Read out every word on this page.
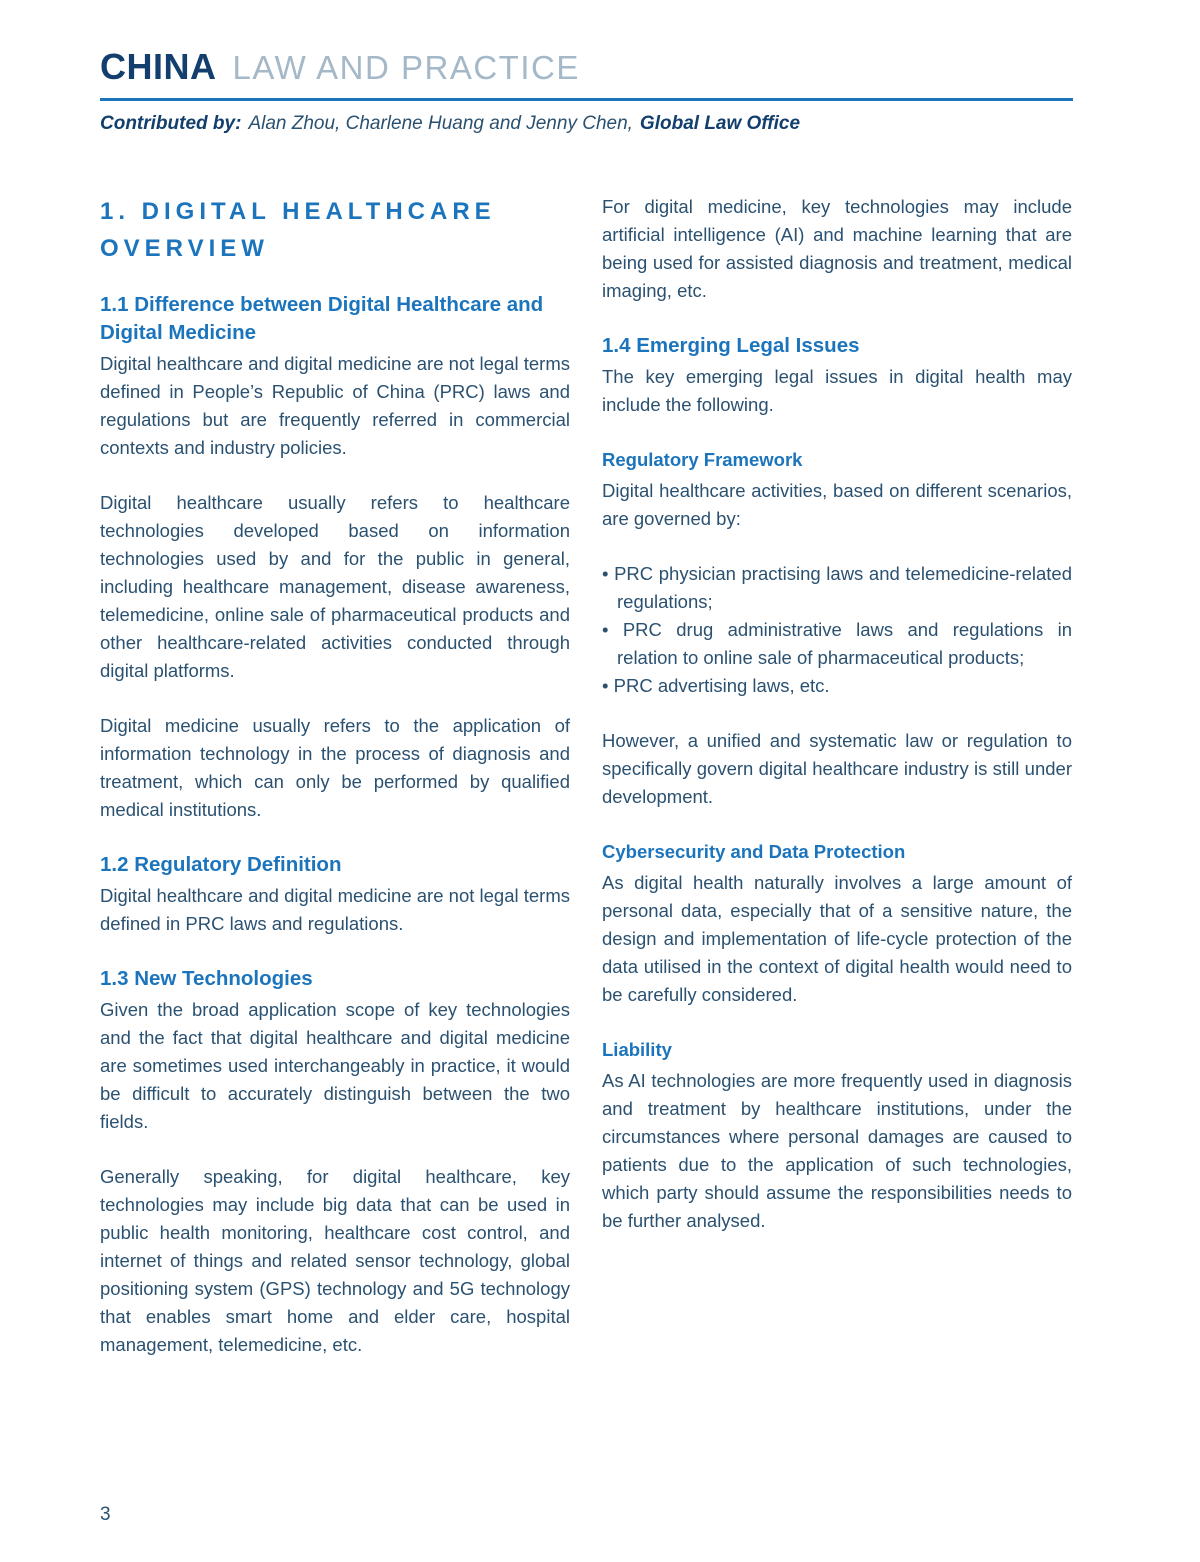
CHINA LAW AND PRACTICE
Contributed by: Alan Zhou, Charlene Huang and Jenny Chen, Global Law Office
1. DIGITAL HEALTHCARE OVERVIEW
1.1 Difference between Digital Healthcare and Digital Medicine

Digital healthcare and digital medicine are not legal terms defined in People’s Republic of China (PRC) laws and regulations but are frequently referred in commercial contexts and industry policies.

Digital healthcare usually refers to healthcare technologies developed based on information technologies used by and for the public in general, including healthcare management, disease awareness, telemedicine, online sale of pharmaceutical products and other healthcare-related activities conducted through digital platforms.

Digital medicine usually refers to the application of information technology in the process of diagnosis and treatment, which can only be performed by qualified medical institutions.

1.2 Regulatory Definition

Digital healthcare and digital medicine are not legal terms defined in PRC laws and regulations.

1.3 New Technologies

Given the broad application scope of key technologies and the fact that digital healthcare and digital medicine are sometimes used interchangeably in practice, it would be difficult to accurately distinguish between the two fields.

Generally speaking, for digital healthcare, key technologies may include big data that can be used in public health monitoring, healthcare cost control, and internet of things and related sensor technology, global positioning system (GPS) technology and 5G technology that enables smart home and elder care, hospital management, telemedicine, etc.

For digital medicine, key technologies may include artificial intelligence (AI) and machine learning that are being used for assisted diagnosis and treatment, medical imaging, etc.

1.4 Emerging Legal Issues

The key emerging legal issues in digital health may include the following.

Regulatory Framework

Digital healthcare activities, based on different scenarios, are governed by:

• PRC physician practising laws and telemedicine-related regulations;
• PRC drug administrative laws and regulations in relation to online sale of pharmaceutical products;
• PRC advertising laws, etc.

However, a unified and systematic law or regulation to specifically govern digital healthcare industry is still under development.

Cybersecurity and Data Protection

As digital health naturally involves a large amount of personal data, especially that of a sensitive nature, the design and implementation of life-cycle protection of the data utilised in the context of digital health would need to be carefully considered.

Liability

As AI technologies are more frequently used in diagnosis and treatment by healthcare institutions, under the circumstances where personal damages are caused to patients due to the application of such technologies, which party should assume the responsibilities needs to be further analysed.

3
